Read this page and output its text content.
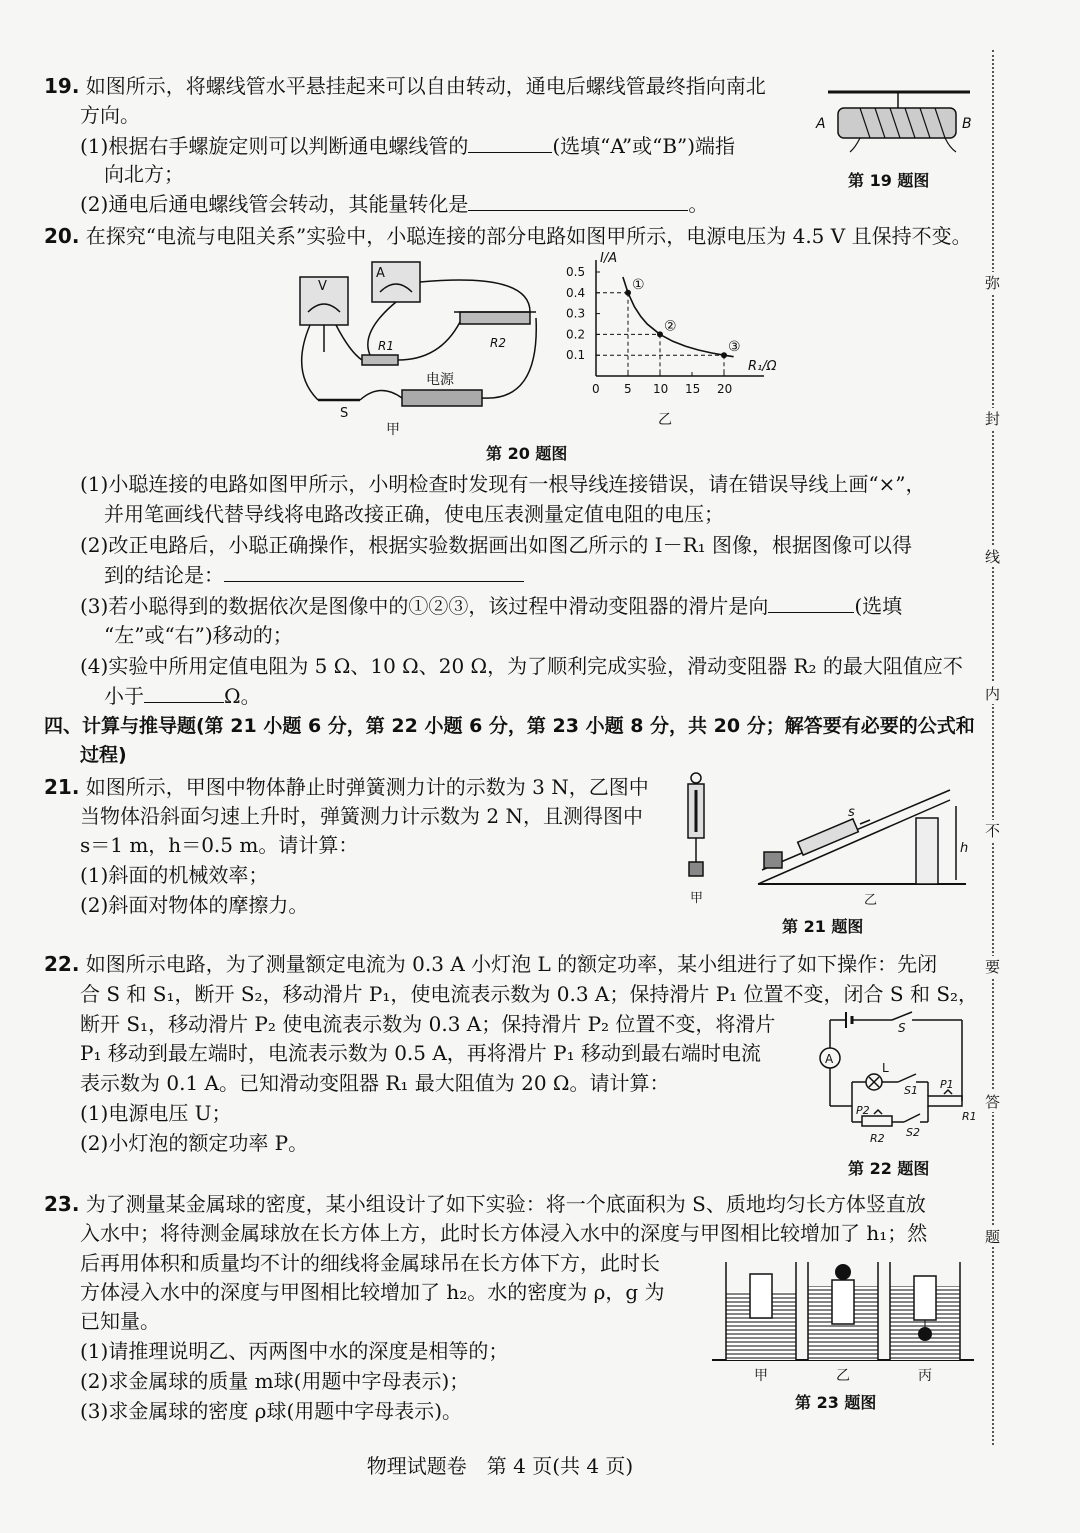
弥
封
线
内
不
要
答
题
19. 如图所示，将螺线管水平悬挂起来可以自由转动，通电后螺线管最终指向南北
方向。
(1)根据右手螺旋定则可以判断通电螺线管的	(选填“A”或“B”)端指
向北方；
(2)通电后通电螺线管会转动，其能量转化是	。
A	B
第 19 题图
20. 在探究“电流与电阻关系”实验中，小聪连接的部分电路如图甲所示，电源电压为 4.5 V 且保持不变。
V
A
R1	R2
电源
S
甲
I/A
R₁/Ω
0.1
0.2
0.3
0.4
0.5
0 5 10 15 20
①
②
③
乙
第 20 题图
(1)小聪连接的电路如图甲所示，小明检查时发现有一根导线连接错误，请在错误导线上画“×”，
并用笔画线代替导线将电路改接正确，使电压表测量定值电阻的电压；
(2)改正电路后，小聪正确操作，根据实验数据画出如图乙所示的 I－R₁ 图像，根据图像可以得
到的结论是：
(3)若小聪得到的数据依次是图像中的①②③，该过程中滑动变阻器的滑片是向	(选填
“左”或“右”)移动的；
(4)实验中所用定值电阻为 5 Ω、10 Ω、20 Ω，为了顺利完成实验，滑动变阻器 R₂ 的最大阻值应不
小于	Ω。
四、计算与推导题(第 21 小题 6 分，第 22 小题 6 分，第 23 小题 8 分，共 20 分；解答要有必要的公式和
过程)
21. 如图所示，甲图中物体静止时弹簧测力计的示数为 3 N，乙图中
当物体沿斜面匀速上升时，弹簧测力计示数为 2 N，且测得图中
s＝1 m，h＝0.5 m。请计算：
(1)斜面的机械效率；
(2)斜面对物体的摩擦力。
s
h
甲	乙
第 21 题图
22. 如图所示电路，为了测量额定电流为 0.3 A 小灯泡 L 的额定功率，某小组进行了如下操作：先闭
合 S 和 S₁，断开 S₂，移动滑片 P₁，使电流表示数为 0.3 A；保持滑片 P₁ 位置不变，闭合 S 和 S₂，
断开 S₁，移动滑片 P₂ 使电流表示数为 0.3 A；保持滑片 P₂ 位置不变，将滑片
P₁ 移动到最左端时，电流表示数为 0.5 A，再将滑片 P₁ 移动到最右端时电流
表示数为 0.1 A。已知滑动变阻器 R₁ 最大阻值为 20 Ω。请计算：
(1)电源电压 U；
(2)小灯泡的额定功率 P。
S
A
L
S1
S2
P1
P2	R1
R2
第 22 题图
23. 为了测量某金属球的密度，某小组设计了如下实验：将一个底面积为 S、质地均匀长方体竖直放
入水中；将待测金属球放在长方体上方，此时长方体浸入水中的深度与甲图相比较增加了 h₁；然
后再用体积和质量均不计的细线将金属球吊在长方体下方，此时长
方体浸入水中的深度与甲图相比较增加了 h₂。水的密度为 ρ，g 为
已知量。
(1)请推理说明乙、丙两图中水的深度是相等的；
(2)求金属球的质量 m球(用题中字母表示)；
(3)求金属球的密度 ρ球(用题中字母表示)。
甲	乙	丙
第 23 题图
物理试题卷　第 4 页(共 4 页)
